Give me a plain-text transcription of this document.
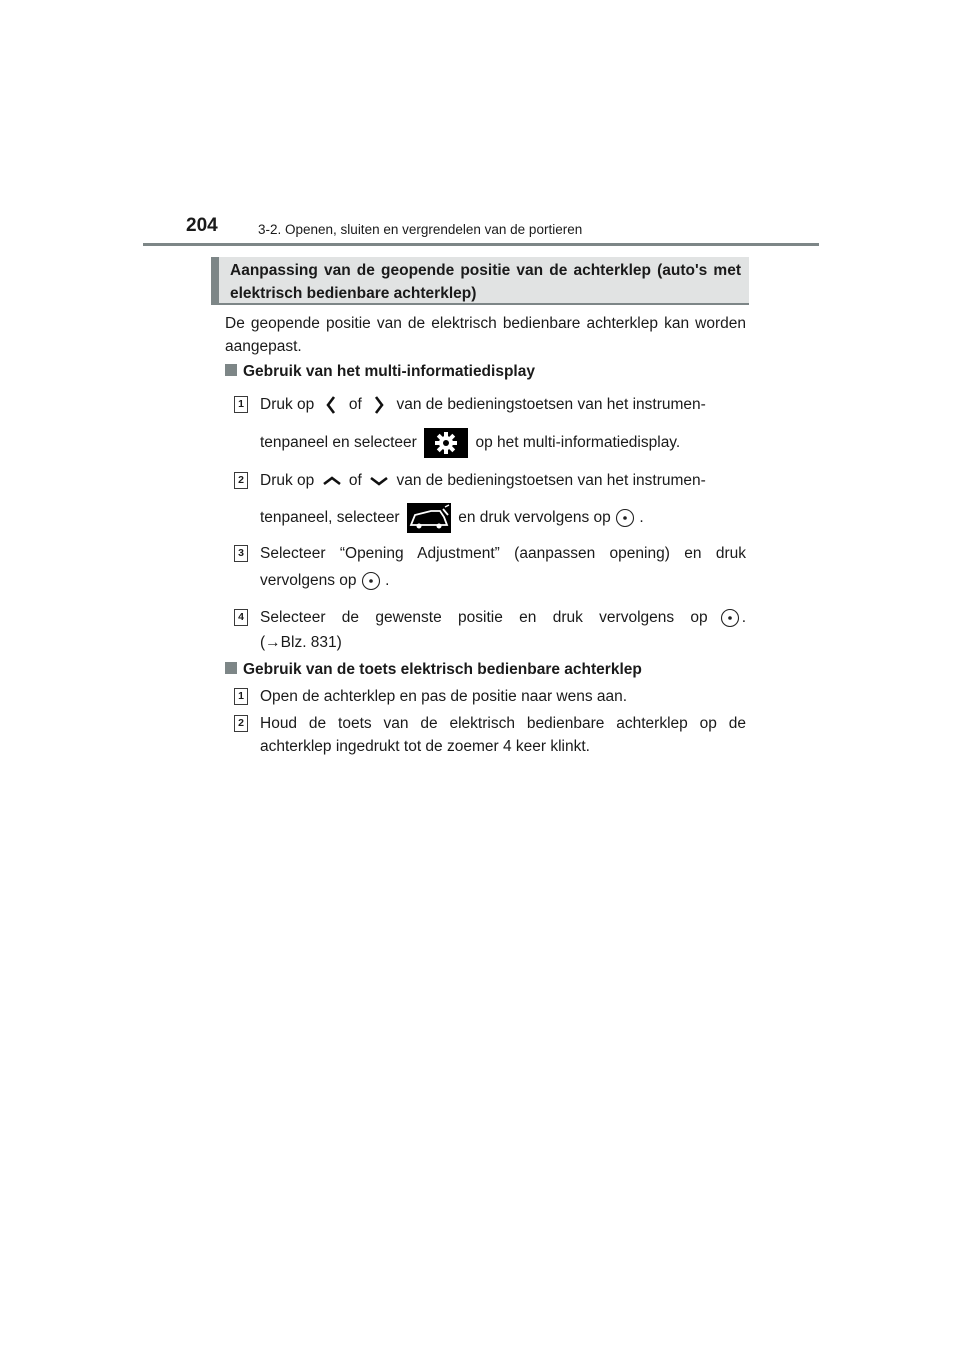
204	3-2. Openen, sluiten en vergrendelen van de portieren
Aanpassing van de geopende positie van de achterklep (auto's met elektrisch bedienbare achterklep)
De geopende positie van de elektrisch bedienbare achterklep kan worden aangepast.
Gebruik van het multi-informatiedisplay
1 Druk op of van de bedieningstoetsen van het instrumen-
tenpaneel en selecteer	op het multi-informatiedisplay.
2 Druk op of van de bedieningstoetsen van het instrumen-
tenpaneel, selecteer	en druk vervolgens op .
3 Selecteer “Opening Adjustment” (aanpassen opening) en druk
vervolgens op .
4 Selecteer de gewenste positie en druk vervolgens op .
(→Blz. 831)
Gebruik van de toets elektrisch bedienbare achterklep
1 Open de achterklep en pas de positie naar wens aan.
2 Houd de toets van de elektrisch bedienbare achterklep op de achterklep ingedrukt tot de zoemer 4 keer klinkt.
